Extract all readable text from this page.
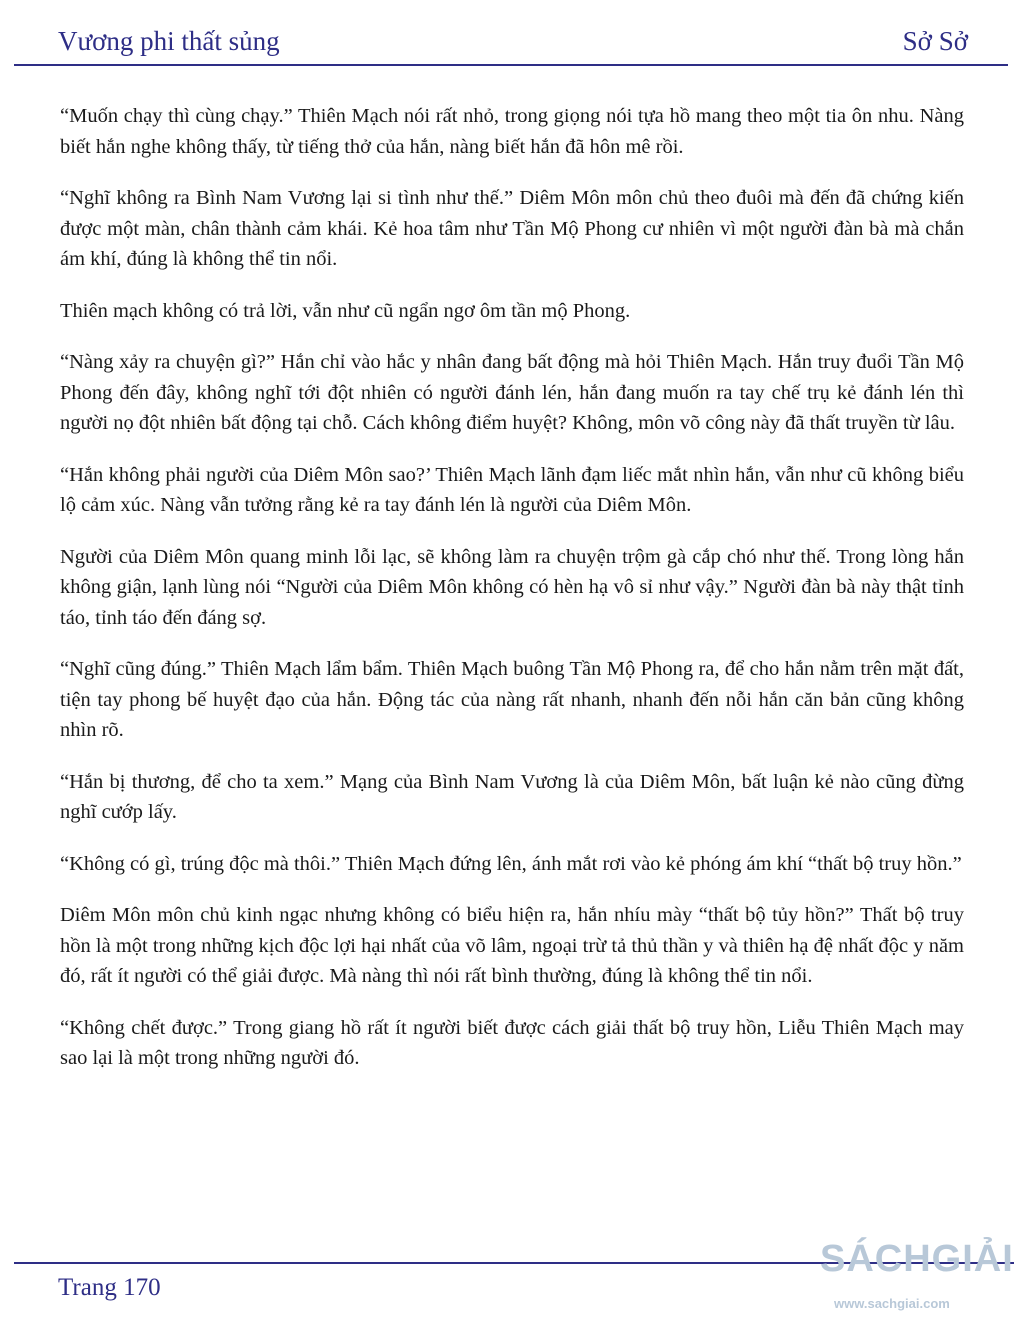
Vương phi thất sủng	Sở Sở

“Muốn chạy thì cùng chạy.” Thiên Mạch nói rất nhỏ, trong giọng nói tựa hồ mang theo một tia ôn nhu. Nàng biết hắn nghe không thấy, từ tiếng thở của hắn, nàng biết hắn đã hôn mê rồi.

“Nghĩ không ra Bình Nam Vương lại si tình như thế.” Diêm Môn môn chủ theo đuôi mà đến đã chứng kiến được một màn, chân thành cảm khái. Kẻ hoa tâm như Tần Mộ Phong cư nhiên vì một người đàn bà mà chắn ám khí, đúng là không thể tin nổi.

Thiên mạch không có trả lời, vẫn như cũ ngẩn ngơ ôm tần mộ Phong.

“Nàng xảy ra chuyện gì?” Hắn chỉ vào hắc y nhân đang bất động mà hỏi Thiên Mạch. Hắn truy đuổi Tần Mộ Phong đến đây, không nghĩ tới đột nhiên có người đánh lén, hắn đang muốn ra tay chế trụ kẻ đánh lén thì người nọ đột nhiên bất động tại chỗ. Cách không điểm huyệt? Không, môn võ công này đã thất truyền từ lâu.

“Hắn không phải người của Diêm Môn sao?’ Thiên Mạch lãnh đạm liếc mắt nhìn hắn, vẫn như cũ không biểu lộ cảm xúc. Nàng vẫn tưởng rằng kẻ ra tay đánh lén là người của Diêm Môn.

Người của Diêm Môn quang minh lỗi lạc, sẽ không làm ra chuyện trộm gà cắp chó như thế. Trong lòng hắn không giận, lạnh lùng nói “Người của Diêm Môn không có hèn hạ vô sỉ như vậy.” Người đàn bà này thật tỉnh táo, tỉnh táo đến đáng sợ.

“Nghĩ cũng đúng.” Thiên Mạch lẩm bẩm. Thiên Mạch buông Tần Mộ Phong ra, để cho hắn nằm trên mặt đất, tiện tay phong bế huyệt đạo của hắn. Động tác của nàng rất nhanh, nhanh đến nỗi hắn căn bản cũng không nhìn rõ.

“Hắn bị thương, để cho ta xem.” Mạng của Bình Nam Vương là của Diêm Môn, bất luận kẻ nào cũng đừng nghĩ cướp lấy.

“Không có gì, trúng độc mà thôi.” Thiên Mạch đứng lên, ánh mắt rơi vào kẻ phóng ám khí “thất bộ truy hồn.”

Diêm Môn môn chủ kinh ngạc nhưng không có biểu hiện ra, hắn nhíu mày “thất bộ tủy hồn?” Thất bộ truy hồn là một trong những kịch độc lợi hại nhất của võ lâm, ngoại trừ tả thủ thần y và thiên hạ đệ nhất độc y năm đó, rất ít người có thể giải được. Mà nàng thì nói rất bình thường, đúng là không thể tin nổi.

“Không chết được.” Trong giang hồ rất ít người biết được cách giải thất bộ truy hồn, Liễu Thiên Mạch may sao lại là một trong những người đó.

Trang 170
SÁCHGIẢI
www.sachgiai.com
